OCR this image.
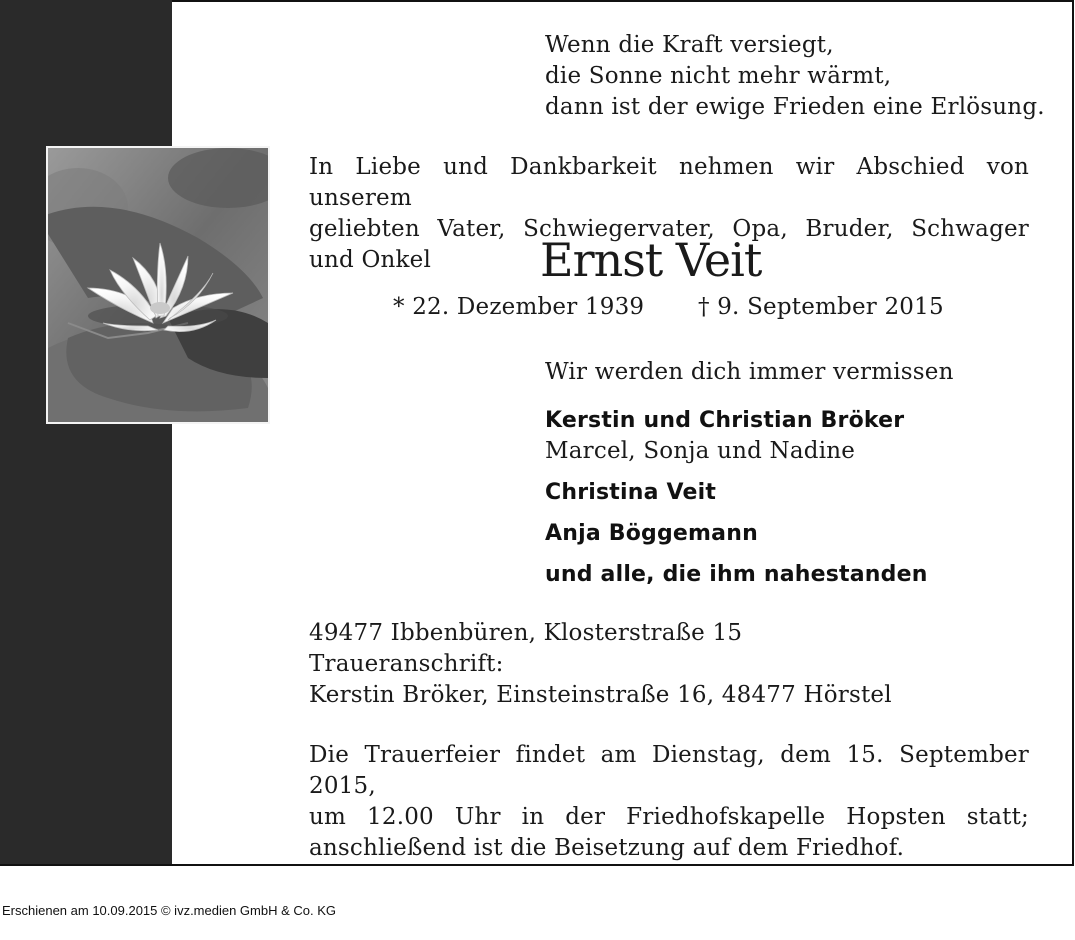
Wenn die Kraft versiegt,
die Sonne nicht mehr wärmt,
dann ist der ewige Frieden eine Erlösung.
In Liebe und Dankbarkeit nehmen wir Abschied von unserem
geliebten Vater, Schwiegervater, Opa, Bruder, Schwager
und Onkel	Ernst Veit
* 22. Dezember 1939 † 9. September 2015
Wir werden dich immer vermissen
Kerstin und Christian Bröker
Marcel, Sonja und Nadine
Christina Veit
Anja Böggemann
und alle, die ihm nahestanden
49477 Ibbenbüren, Klosterstraße 15
Traueranschrift:
Kerstin Bröker, Einsteinstraße 16, 48477 Hörstel
Die Trauerfeier findet am Dienstag, dem 15. September 2015,
um 12.00 Uhr in der Friedhofskapelle Hopsten statt;
anschließend ist die Beisetzung auf dem Friedhof.
Erschienen am 10.09.2015 © ivz.medien GmbH & Co. KG
